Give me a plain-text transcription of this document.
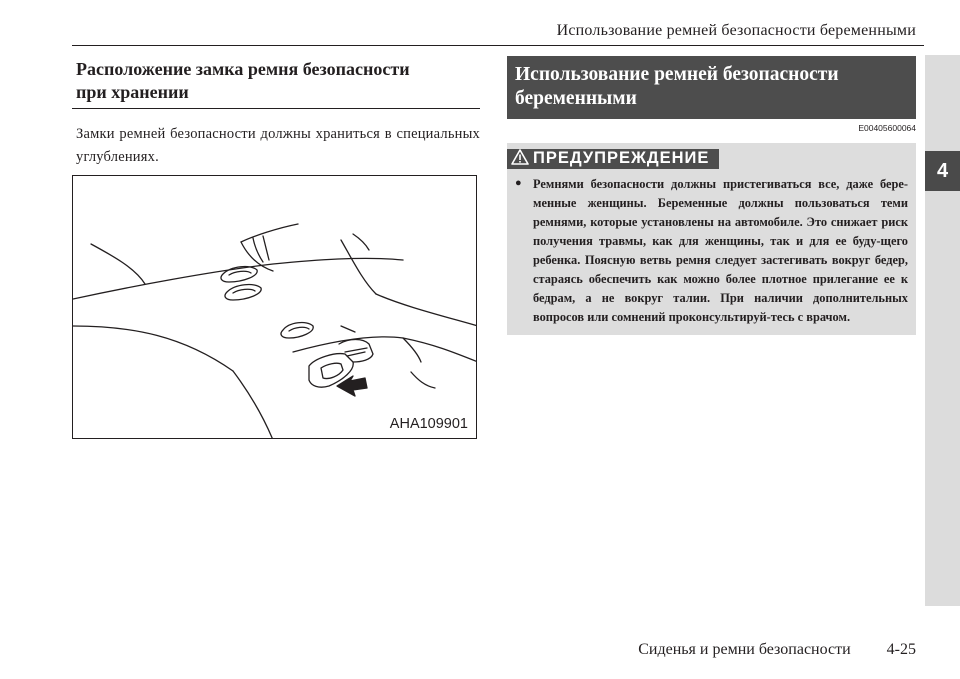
Использование ремней безопасности беременными
4
Расположение замка ремня безопасности
при хранении

Замки ремней безопасности должны храниться в специальных углублениях.

AHA109901
Использование ремней безопасности
беременными
E00405600064
ПРЕДУПРЕЖДЕНИЕ
● Ремнями безопасности должны пристегиваться все, даже бере-менные женщины. Беременные должны пользоваться теми ремнями, которые установлены на автомобиле. Это снижает риск получения травмы, как для женщины, так и для ее буду-щего ребенка. Поясную ветвь ремня следует застегивать вокруг бедер, стараясь обеспечить как можно более плотное прилегание ее к бедрам, а не вокруг талии. При наличии дополнительных вопросов или сомнений проконсультируй-тесь с врачом.
Сиденья и ремни безопасности 4-25
